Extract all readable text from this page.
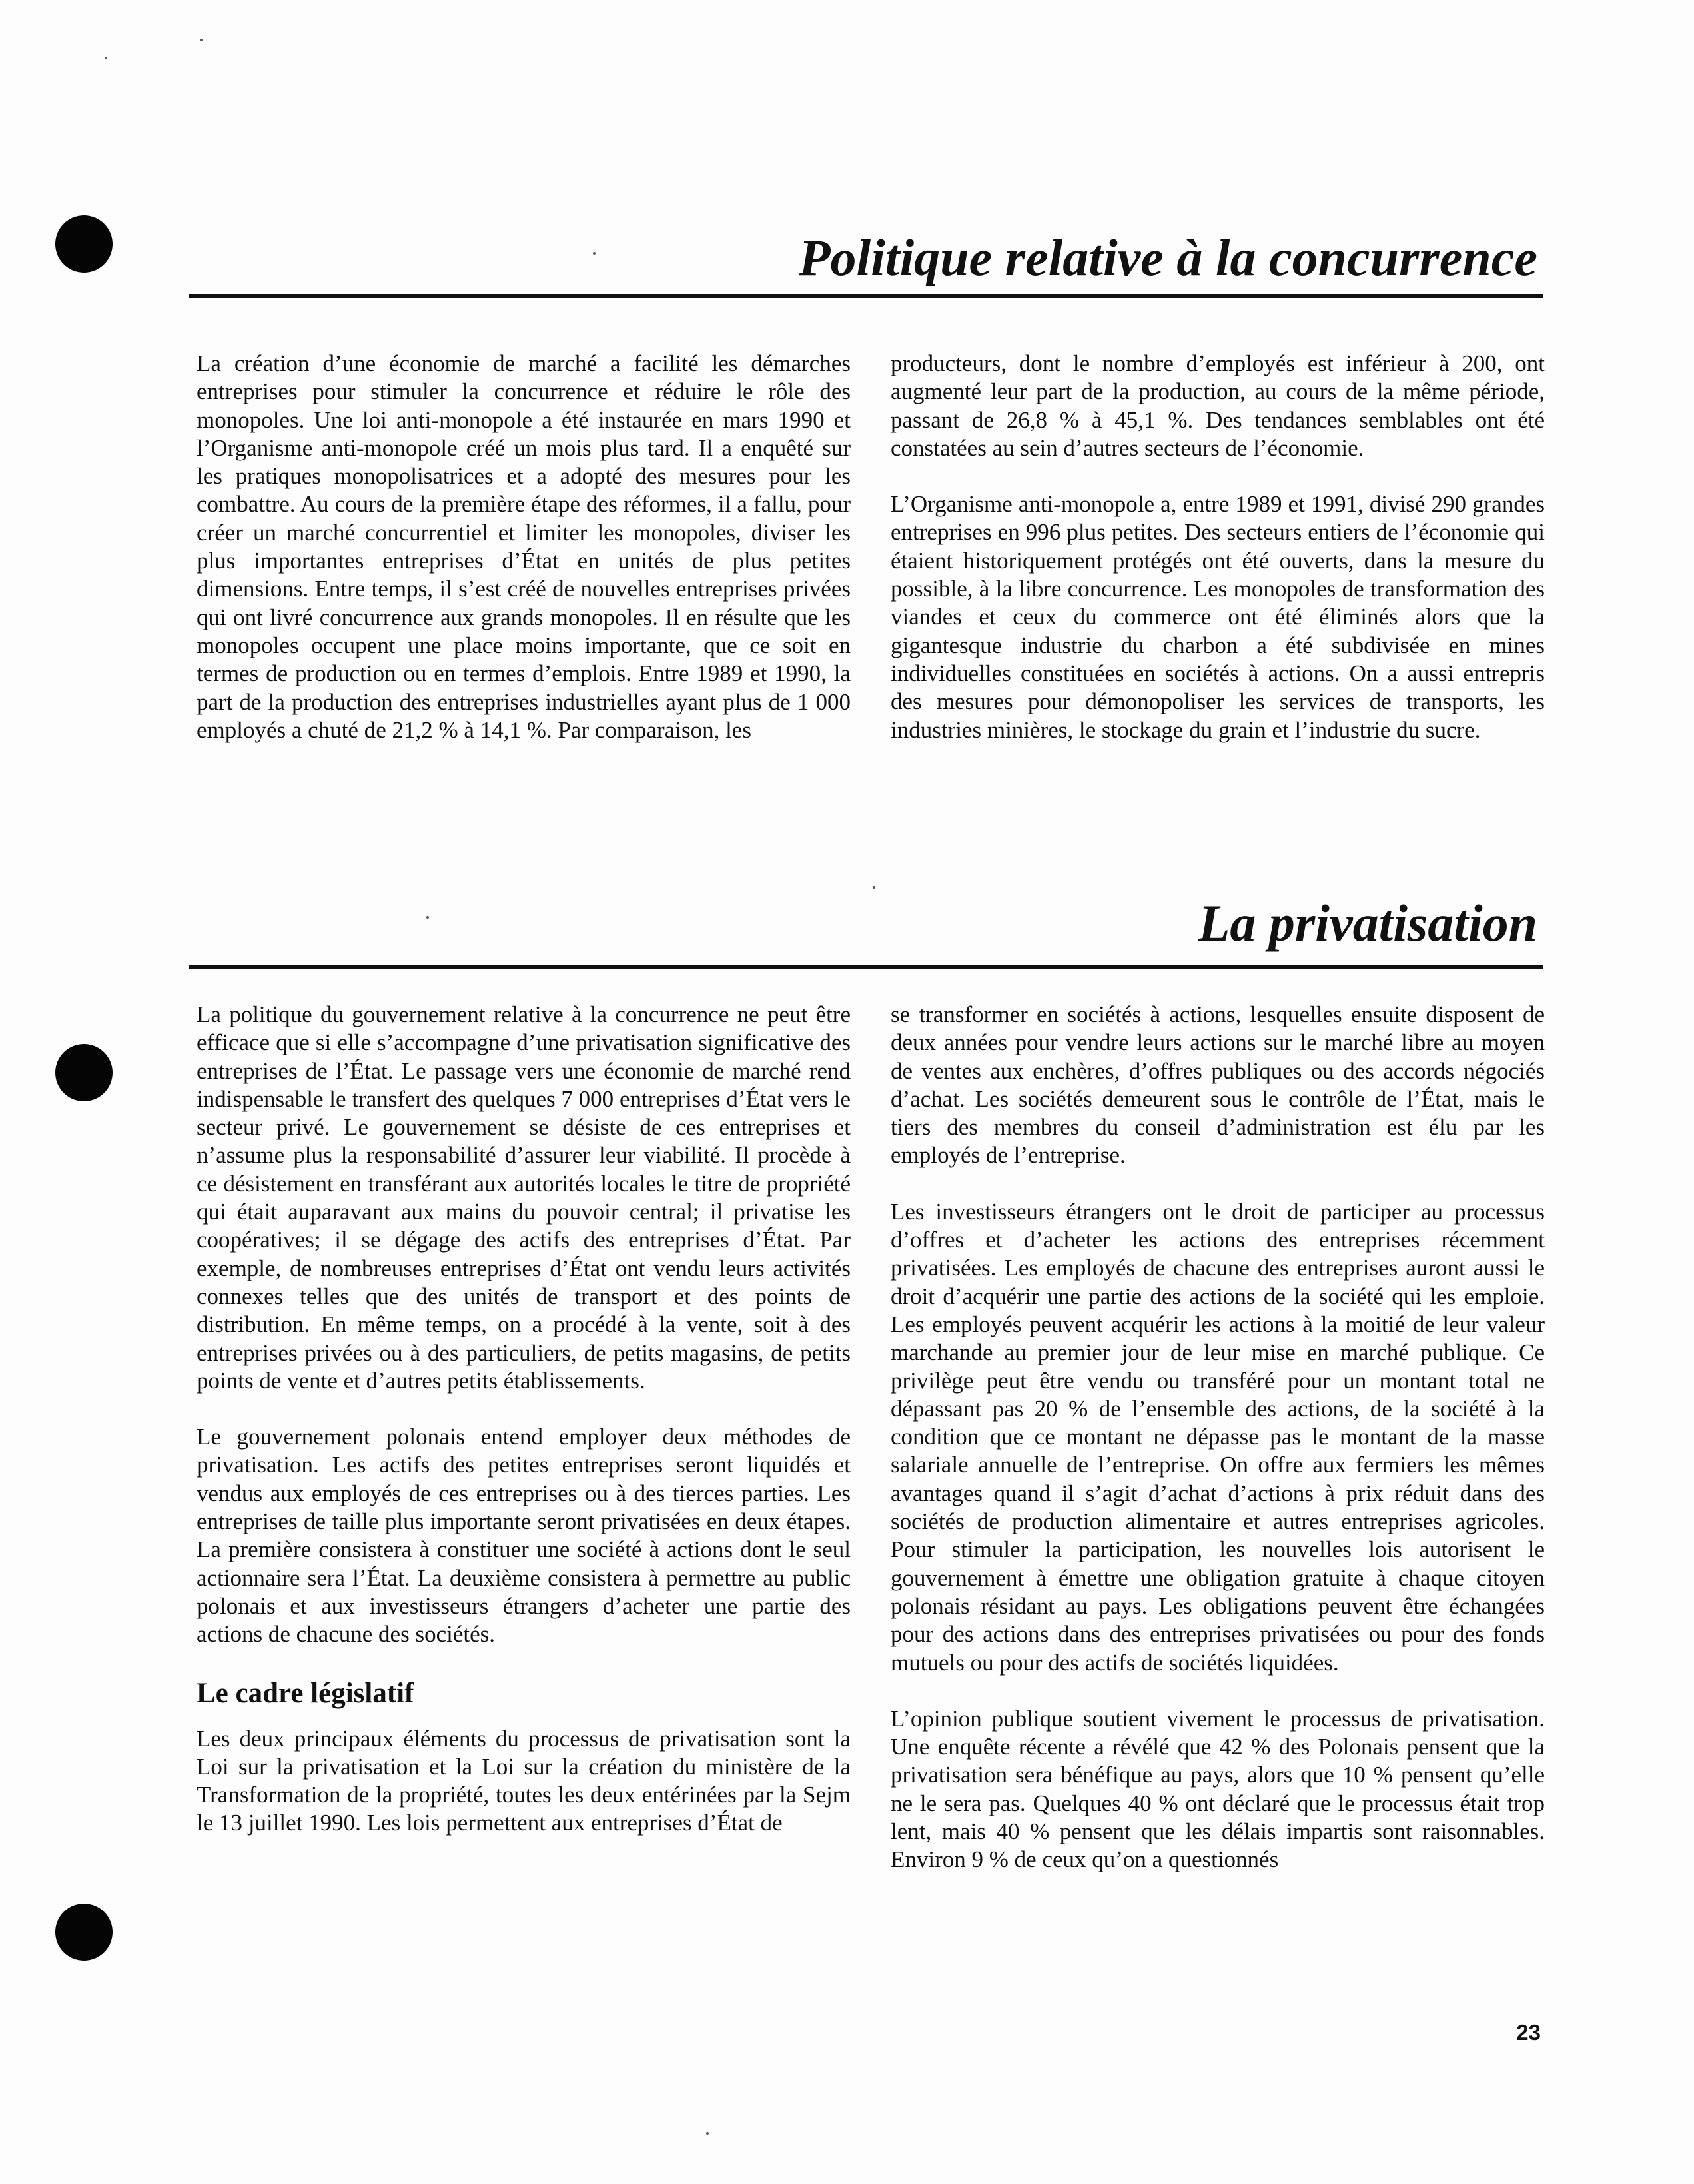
Politique relative à la concurrence

La création d’une économie de marché a facilité les démarches entreprises pour stimuler la concurrence et réduire le rôle des monopoles. Une loi anti-monopole a été instaurée en mars 1990 et l’Organisme anti-monopole créé un mois plus tard. Il a enquêté sur les pratiques monopolisatrices et a adopté des mesures pour les combattre. Au cours de la première étape des réformes, il a fallu, pour créer un marché concurrentiel et limiter les monopoles, diviser les plus importantes entreprises d’État en unités de plus petites dimensions. Entre temps, il s’est créé de nouvelles entreprises privées qui ont livré concurrence aux grands monopoles. Il en résulte que les monopoles occupent une place moins importante, que ce soit en termes de production ou en termes d’emplois. Entre 1989 et 1990, la part de la production des entreprises industrielles ayant plus de 1 000 employés a chuté de 21,2 % à 14,1 %. Par comparaison, les

producteurs, dont le nombre d’employés est inférieur à 200, ont augmenté leur part de la production, au cours de la même période, passant de 26,8 % à 45,1 %. Des tendances semblables ont été constatées au sein d’autres secteurs de l’économie.

L’Organisme anti-monopole a, entre 1989 et 1991, divisé 290 grandes entreprises en 996 plus petites. Des secteurs entiers de l’économie qui étaient historiquement protégés ont été ouverts, dans la mesure du possible, à la libre concurrence. Les monopoles de transformation des viandes et ceux du commerce ont été éliminés alors que la gigantesque industrie du charbon a été subdivisée en mines individuelles constituées en sociétés à actions. On a aussi entrepris des mesures pour démonopoliser les services de transports, les industries minières, le stockage du grain et l’industrie du sucre.

La privatisation

La politique du gouvernement relative à la concurrence ne peut être efficace que si elle s’accompagne d’une privatisation significative des entreprises de l’État. Le passage vers une économie de marché rend indispensable le transfert des quelques 7 000 entreprises d’État vers le secteur privé. Le gouvernement se désiste de ces entreprises et n’assume plus la responsabilité d’assurer leur viabilité. Il procède à ce désistement en transférant aux autorités locales le titre de propriété qui était auparavant aux mains du pouvoir central; il privatise les coopératives; il se dégage des actifs des entreprises d’État. Par exemple, de nombreuses entreprises d’État ont vendu leurs activités connexes telles que des unités de transport et des points de distribution. En même temps, on a procédé à la vente, soit à des entreprises privées ou à des particuliers, de petits magasins, de petits points de vente et d’autres petits établissements.

Le gouvernement polonais entend employer deux méthodes de privatisation. Les actifs des petites entreprises seront liquidés et vendus aux employés de ces entreprises ou à des tierces parties. Les entreprises de taille plus importante seront privatisées en deux étapes. La première consistera à constituer une société à actions dont le seul actionnaire sera l’État. La deuxième consistera à permettre au public polonais et aux investisseurs étrangers d’acheter une partie des actions de chacune des sociétés.

Le cadre législatif

Les deux principaux éléments du processus de privatisation sont la Loi sur la privatisation et la Loi sur la création du ministère de la Transformation de la propriété, toutes les deux entérinées par la Sejm le 13 juillet 1990. Les lois permettent aux entreprises d’État de

se transformer en sociétés à actions, lesquelles ensuite disposent de deux années pour vendre leurs actions sur le marché libre au moyen de ventes aux enchères, d’offres publiques ou des accords négociés d’achat. Les sociétés demeurent sous le contrôle de l’État, mais le tiers des membres du conseil d’administration est élu par les employés de l’entreprise.

Les investisseurs étrangers ont le droit de participer au processus d’offres et d’acheter les actions des entreprises récemment privatisées. Les employés de chacune des entreprises auront aussi le droit d’acquérir une partie des actions de la société qui les emploie. Les employés peuvent acquérir les actions à la moitié de leur valeur marchande au premier jour de leur mise en marché publique. Ce privilège peut être vendu ou transféré pour un montant total ne dépassant pas 20 % de l’ensemble des actions, de la société à la condition que ce montant ne dépasse pas le montant de la masse salariale annuelle de l’entreprise. On offre aux fermiers les mêmes avantages quand il s’agit d’achat d’actions à prix réduit dans des sociétés de production alimentaire et autres entreprises agricoles. Pour stimuler la participation, les nouvelles lois autorisent le gouvernement à émettre une obligation gratuite à chaque citoyen polonais résidant au pays. Les obligations peuvent être échangées pour des actions dans des entreprises privatisées ou pour des fonds mutuels ou pour des actifs de sociétés liquidées.

L’opinion publique soutient vivement le processus de privatisation. Une enquête récente a révélé que 42 % des Polonais pensent que la privatisation sera bénéfique au pays, alors que 10 % pensent qu’elle ne le sera pas. Quelques 40 % ont déclaré que le processus était trop lent, mais 40 % pensent que les délais impartis sont raisonnables. Environ 9 % de ceux qu’on a questionnés

23
